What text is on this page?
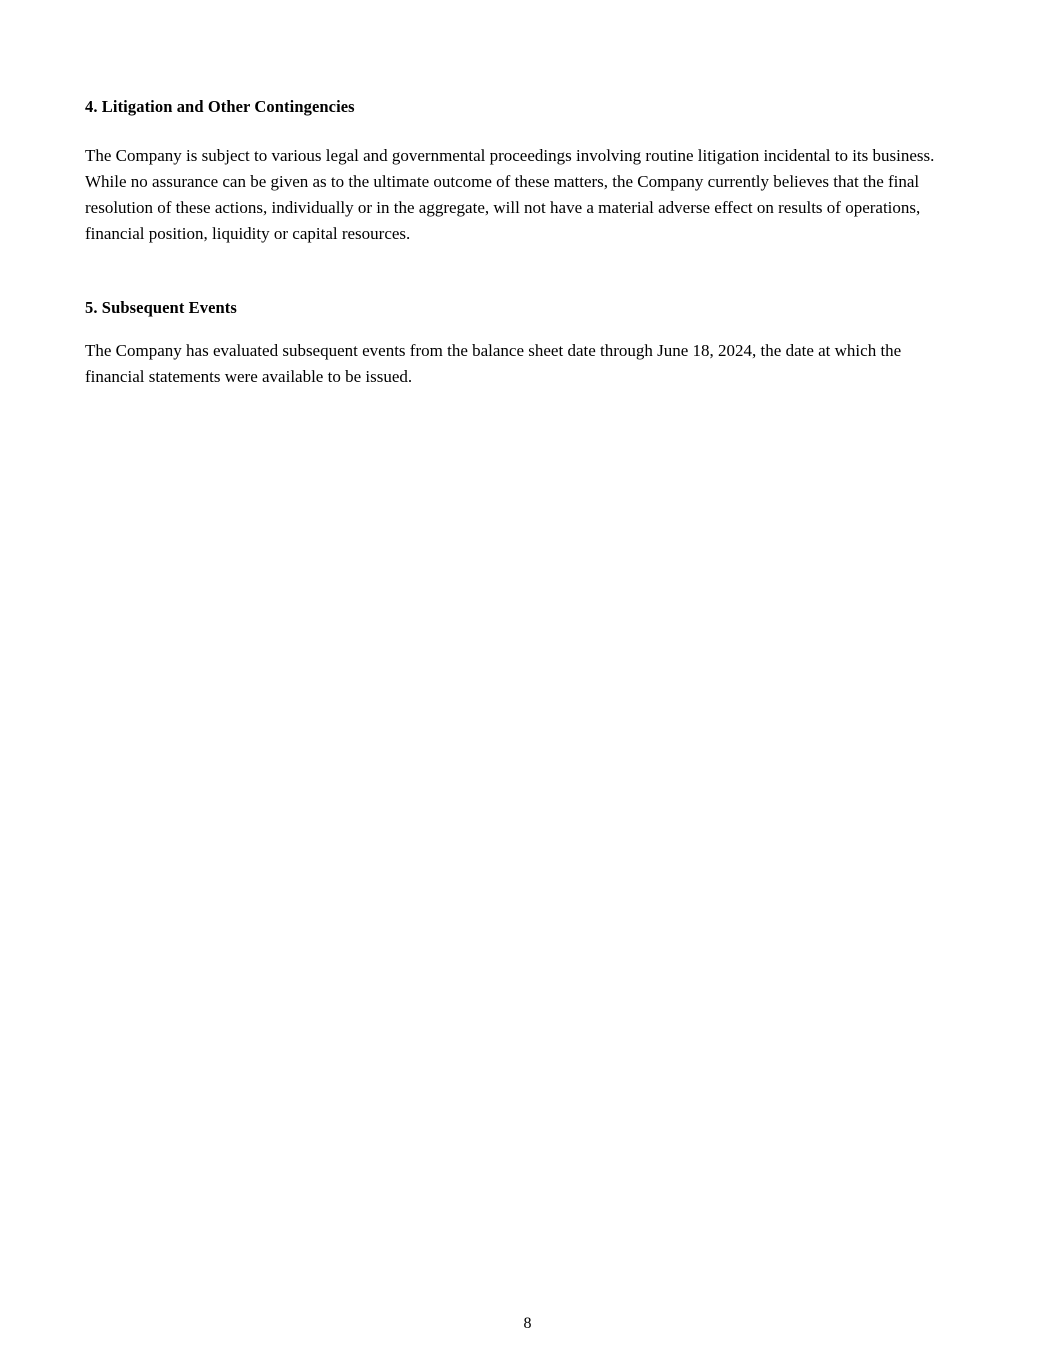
4. Litigation and Other Contingencies

The Company is subject to various legal and governmental proceedings involving routine litigation incidental to its business. While no assurance can be given as to the ultimate outcome of these matters, the Company currently believes that the final resolution of these actions, individually or in the aggregate, will not have a material adverse effect on results of operations, financial position, liquidity or capital resources.

5. Subsequent Events

The Company has evaluated subsequent events from the balance sheet date through June 18, 2024, the date at which the financial statements were available to be issued.

8
